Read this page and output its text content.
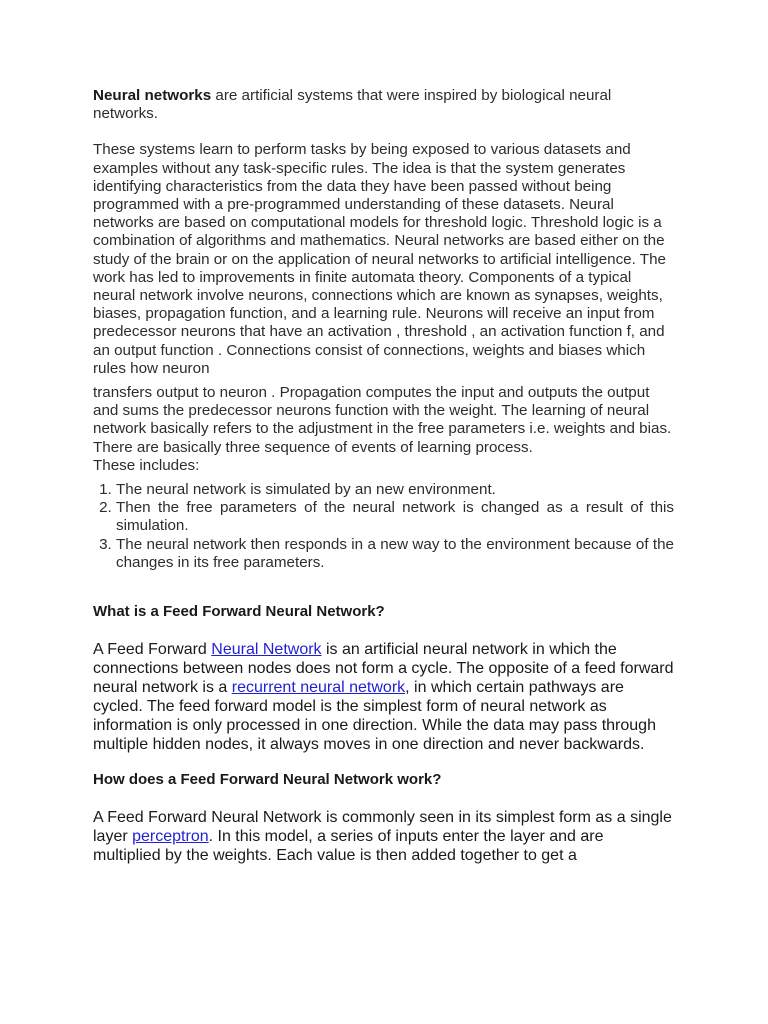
Neural networks are artificial systems that were inspired by biological neural networks.

These systems learn to perform tasks by being exposed to various datasets and examples without any task-specific rules. The idea is that the system generates identifying characteristics from the data they have been passed without being programmed with a pre-programmed understanding of these datasets. Neural networks are based on computational models for threshold logic. Threshold logic is a combination of algorithms and mathematics. Neural networks are based either on the study of the brain or on the application of neural networks to artificial intelligence. The work has led to improvements in finite automata theory. Components of a typical neural network involve neurons, connections which are known as synapses, weights, biases, propagation function, and a learning rule. Neurons will receive an input from predecessor neurons that have an activation , threshold , an activation function f, and an output function . Connections consist of connections, weights and biases which rules how neuron

transfers output to neuron . Propagation computes the input and outputs the output and sums the predecessor neurons function with the weight. The learning of neural network basically refers to the adjustment in the free parameters i.e. weights and bias. There are basically three sequence of events of learning process.

These includes:

1. The neural network is simulated by an new environment.
2. Then the free parameters of the neural network is changed as a result of this simulation.
3. The neural network then responds in a new way to the environment because of the changes in its free parameters.

What is a Feed Forward Neural Network?

A Feed Forward Neural Network is an artificial neural network in which the connections between nodes does not form a cycle. The opposite of a feed forward neural network is a recurrent neural network, in which certain pathways are cycled. The feed forward model is the simplest form of neural network as information is only processed in one direction. While the data may pass through multiple hidden nodes, it always moves in one direction and never backwards.

How does a Feed Forward Neural Network work?

A Feed Forward Neural Network is commonly seen in its simplest form as a single layer perceptron. In this model, a series of inputs enter the layer and are multiplied by the weights. Each value is then added together to get a
